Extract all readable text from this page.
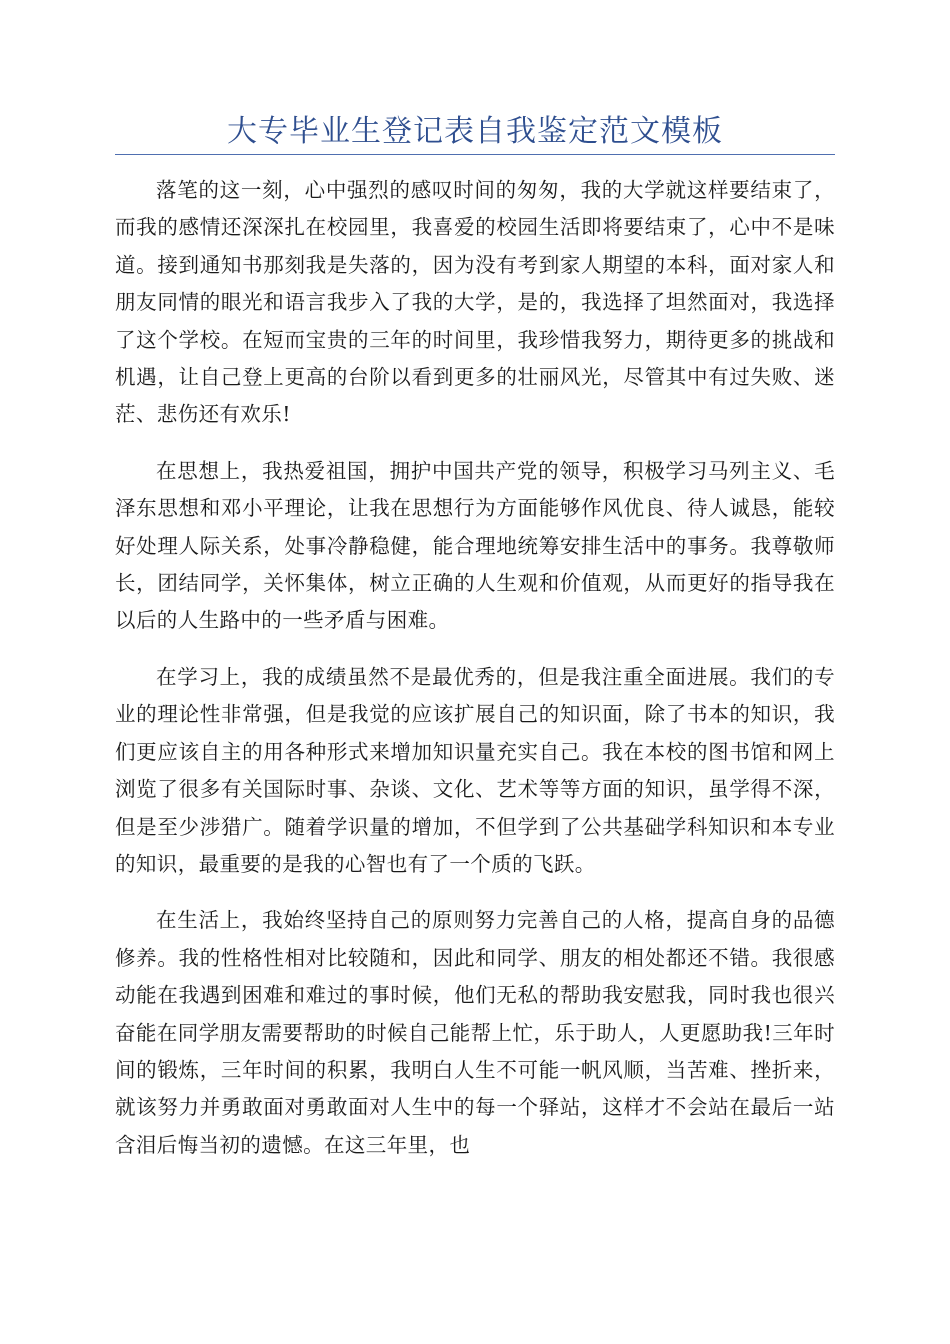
大专毕业生登记表自我鉴定范文模板

落笔的这一刻，心中强烈的感叹时间的匆匆，我的大学就这样要结束了，而我的感情还深深扎在校园里，我喜爱的校园生活即将要结束了，心中不是味道。接到通知书那刻我是失落的，因为没有考到家人期望的本科，面对家人和朋友同情的眼光和语言我步入了我的大学，是的，我选择了坦然面对，我选择了这个学校。在短而宝贵的三年的时间里，我珍惜我努力，期待更多的挑战和机遇，让自己登上更高的台阶以看到更多的壮丽风光，尽管其中有过失败、迷茫、悲伤还有欢乐!

在思想上，我热爱祖国，拥护中国共产党的领导，积极学习马列主义、毛泽东思想和邓小平理论，让我在思想行为方面能够作风优良、待人诚恳，能较好处理人际关系，处事冷静稳健，能合理地统筹安排生活中的事务。我尊敬师长，团结同学，关怀集体，树立正确的人生观和价值观，从而更好的指导我在以后的人生路中的一些矛盾与困难。

在学习上，我的成绩虽然不是最优秀的，但是我注重全面进展。我们的专业的理论性非常强，但是我觉的应该扩展自己的知识面，除了书本的知识，我们更应该自主的用各种形式来增加知识量充实自己。我在本校的图书馆和网上浏览了很多有关国际时事、杂谈、文化、艺术等等方面的知识，虽学得不深，但是至少涉猎广。随着学识量的增加，不但学到了公共基础学科知识和本专业的知识，最重要的是我的心智也有了一个质的飞跃。

在生活上，我始终坚持自己的原则努力完善自己的人格，提高自身的品德修养。我的性格性相对比较随和，因此和同学、朋友的相处都还不错。我很感动能在我遇到困难和难过的事时候，他们无私的帮助我安慰我，同时我也很兴奋能在同学朋友需要帮助的时候自己能帮上忙，乐于助人，人更愿助我!三年时间的锻炼，三年时间的积累，我明白人生不可能一帆风顺，当苦难、挫折来，就该努力并勇敢面对勇敢面对人生中的每一个驿站，这样才不会站在最后一站含泪后悔当初的遗憾。在这三年里，也
